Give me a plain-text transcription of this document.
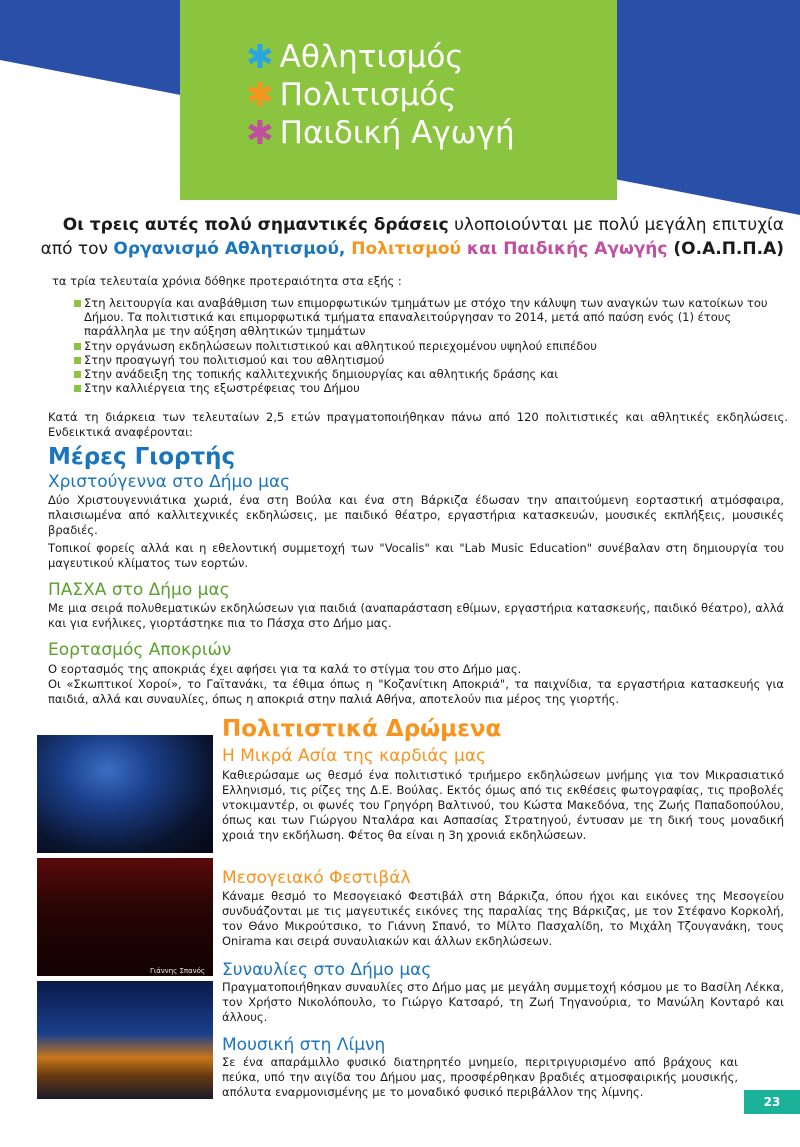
✱ Αθλητισμός
✱ Πολιτισμός
✱ Παιδική Αγωγή
Οι τρεις αυτές πολύ σημαντικές δράσεις υλοποιούνται με πολύ μεγάλη επιτυχία
από τον Οργανισμό Αθλητισμού, Πολιτισμού και Παιδικής Αγωγής (Ο.Α.Π.Π.Α)
τα τρία τελευταία χρόνια δόθηκε προτεραιότητα στα εξής :
Στη λειτουργία και αναβάθμιση των επιμορφωτικών τμημάτων με στόχο την κάλυψη των αναγκών των κατοίκων του Δήμου. Τα πολιτιστικά και επιμορφωτικά τμήματα επαναλειτούργησαν το 2014, μετά από παύση ενός (1) έτους παράλληλα με την αύξηση αθλητικών τμημάτων
Στην οργάνωση εκδηλώσεων πολιτιστικού και αθλητικού περιεχομένου υψηλού επιπέδου
Στην προαγωγή του πολιτισμού και του αθλητισμού
Στην ανάδειξη της τοπικής καλλιτεχνικής δημιουργίας και αθλητικής δράσης και
Στην καλλιέργεια της εξωστρέφειας του Δήμου
Κατά τη διάρκεια των τελευταίων 2,5 ετών πραγματοποιήθηκαν πάνω από 120 πολιτιστικές και αθλητικές εκδηλώσεις. Ενδεικτικά αναφέρονται:
Μέρες Γιορτής
Χριστούγεννα στο Δήμο μας
Δύο Χριστουγεννιάτικα χωριά, ένα στη Βούλα και ένα στη Βάρκιζα έδωσαν την απαιτούμενη εορταστική ατμόσφαιρα, πλαισιωμένα από καλλιτεχνικές εκδηλώσεις, με παιδικό θέατρο, εργαστήρια κατασκευών, μουσικές εκπλήξεις, μουσικές βραδιές.
Τοπικοί φορείς αλλά και η εθελοντική συμμετοχή των "Vocalis" και "Lab Music Education" συνέβαλαν στη δημιουργία του μαγευτικού κλίματος των εορτών.
ΠΑΣΧΑ στο Δήμο μας
Με μια σειρά πολυθεματικών εκδηλώσεων για παιδιά (αναπαράσταση εθίμων, εργαστήρια κατασκευής, παιδικό θέατρο), αλλά και για ενήλικες, γιορτάστηκε πια το Πάσχα στο Δήμο μας.
Εορτασμός Αποκριών
Ο εορτασμός της αποκριάς έχει αφήσει για τα καλά το στίγμα του στο Δήμο μας.
Οι «Σκωπτικοί Χοροί», το Γαϊτανάκι, τα έθιμα όπως η "Κοζανίτικη Αποκριά", τα παιχνίδια, τα εργαστήρια κατασκευής για παιδιά, αλλά και συναυλίες, όπως η αποκριά στην παλιά Αθήνα, αποτελούν πια μέρος της γιορτής.
Πολιτιστικά Δρώμενα
Γιάννης Σπανός
Η Μικρά Ασία της καρδιάς μας
Καθιερώσαμε ως θεσμό ένα πολιτιστικό τριήμερο εκδηλώσεων μνήμης για τον Μικρασιατικό Ελληνισμό, τις ρίζες της Δ.Ε. Βούλας. Εκτός όμως από τις εκθέσεις φωτογραφίας, τις προβολές ντοκιμαντέρ, οι φωνές του Γρηγόρη Βαλτινού, του Κώστα Μακεδόνα, της Ζωής Παπαδοπούλου, όπως και των Γιώργου Νταλάρα και Ασπασίας Στρατηγού, έντυσαν με τη δική τους μοναδική χροιά την εκδήλωση. Φέτος θα είναι η 3η χρονιά εκδηλώσεων.
Μεσογειακό Φεστιβάλ
Κάναμε θεσμό το Μεσογειακό Φεστιβάλ στη Βάρκιζα, όπου ήχοι και εικόνες της Μεσογείου συνδυάζονται με τις μαγευτικές εικόνες της παραλίας της Βάρκιζας, με τον Στέφανο Κορκολή, τον Θάνο Μικρούτσικο, το Γιάννη Σπανό, το Μίλτο Πασχαλίδη, το Μιχάλη Τζουγανάκη, τους Onirama και σειρά συναυλιακών και άλλων εκδηλώσεων.
Συναυλίες στο Δήμο μας
Πραγματοποιήθηκαν συναυλίες στο Δήμο μας με μεγάλη συμμετοχή κόσμου με το Βασίλη Λέκκα, τον Χρήστο Νικολόπουλο, το Γιώργο Κατσαρό, τη Ζωή Τηγανούρια, το Μανώλη Κονταρό και άλλους.
Μουσική στη Λίμνη
Σε ένα απαράμιλλο φυσικό διατηρητέο μνημείο, περιτριγυρισμένο από βράχους και πεύκα, υπό την αιγίδα του Δήμου μας, προσφέρθηκαν βραδιές ατμοσφαιρικής μουσικής, απόλυτα εναρμονισμένης με το μοναδικό φυσικό περιβάλλον της λίμνης.
23
